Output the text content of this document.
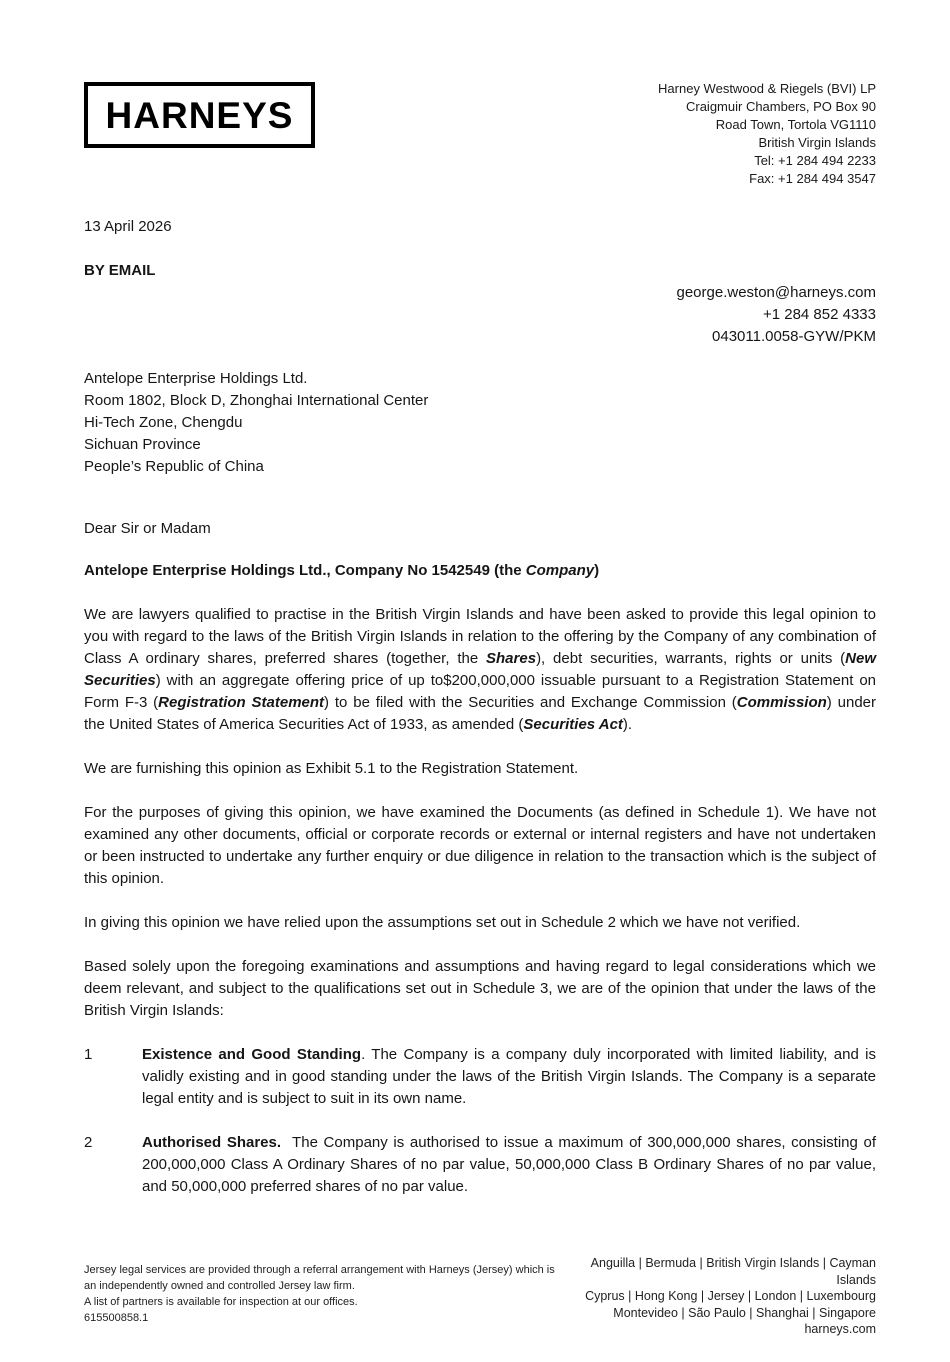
HARNEYS
Harney Westwood & Riegels (BVI) LP
Craigmuir Chambers, PO Box 90
Road Town, Tortola VG1110
British Virgin Islands
Tel: +1 284 494 2233
Fax: +1 284 494 3547
13 April 2026
BY EMAIL
george.weston@harneys.com
+1 284 852 4333
043011.0058-GYW/PKM
Antelope Enterprise Holdings Ltd.
Room 1802, Block D, Zhonghai International Center
Hi-Tech Zone, Chengdu
Sichuan Province
People’s Republic of China
Dear Sir or Madam
Antelope Enterprise Holdings Ltd., Company No 1542549 (the Company)
We are lawyers qualified to practise in the British Virgin Islands and have been asked to provide this legal opinion to you with regard to the laws of the British Virgin Islands in relation to the offering by the Company of any combination of Class A ordinary shares, preferred shares (together, the Shares), debt securities, warrants, rights or units (New Securities) with an aggregate offering price of up to$200,000,000 issuable pursuant to a Registration Statement on Form F-3 (Registration Statement) to be filed with the Securities and Exchange Commission (Commission) under the United States of America Securities Act of 1933, as amended (Securities Act).
We are furnishing this opinion as Exhibit 5.1 to the Registration Statement.
For the purposes of giving this opinion, we have examined the Documents (as defined in Schedule 1). We have not examined any other documents, official or corporate records or external or internal registers and have not undertaken or been instructed to undertake any further enquiry or due diligence in relation to the transaction which is the subject of this opinion.
In giving this opinion we have relied upon the assumptions set out in Schedule 2 which we have not verified.
Based solely upon the foregoing examinations and assumptions and having regard to legal considerations which we deem relevant, and subject to the qualifications set out in Schedule 3, we are of the opinion that under the laws of the British Virgin Islands:
1	Existence and Good Standing. The Company is a company duly incorporated with limited liability, and is validly existing and in good standing under the laws of the British Virgin Islands. The Company is a separate legal entity and is subject to suit in its own name.
2	Authorised Shares.  The Company is authorised to issue a maximum of 300,000,000 shares, consisting of 200,000,000 Class A Ordinary Shares of no par value, 50,000,000 Class B Ordinary Shares of no par value, and 50,000,000 preferred shares of no par value.
Jersey legal services are provided through a referral arrangement with Harneys (Jersey) which is an independently owned and controlled Jersey law firm.
A list of partners is available for inspection at our offices.
615500858.1
Anguilla | Bermuda | British Virgin Islands | Cayman Islands
Cyprus | Hong Kong | Jersey | London | Luxembourg
Montevideo | São Paulo | Shanghai | Singapore
harneys.com
